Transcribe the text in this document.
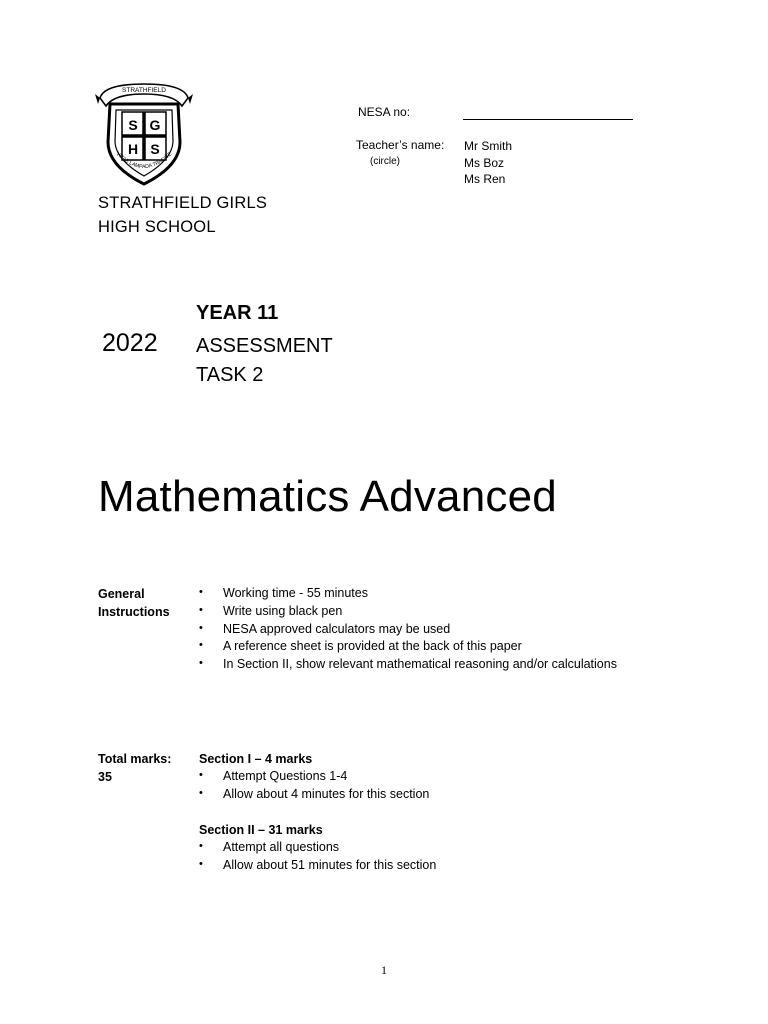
STRATHFIELD
S G
H S
VITAE LAMPADA TRADITE
STRATHFIELD GIRLS
HIGH SCHOOL
NESA no:
Teacher’s name:
(circle)
Mr Smith
Ms Boz
Ms Ren
2022
YEAR 11
ASSESSMENT
TASK 2
Mathematics Advanced
General
Instructions
• Working time - 55 minutes
• Write using black pen
• NESA approved calculators may be used
• A reference sheet is provided at the back of this paper
• In Section II, show relevant mathematical reasoning and/or calculations
Total marks:
35
Section I – 4 marks
• Attempt Questions 1-4
• Allow about 4 minutes for this section
Section II – 31 marks
• Attempt all questions
• Allow about 51 minutes for this section
1
